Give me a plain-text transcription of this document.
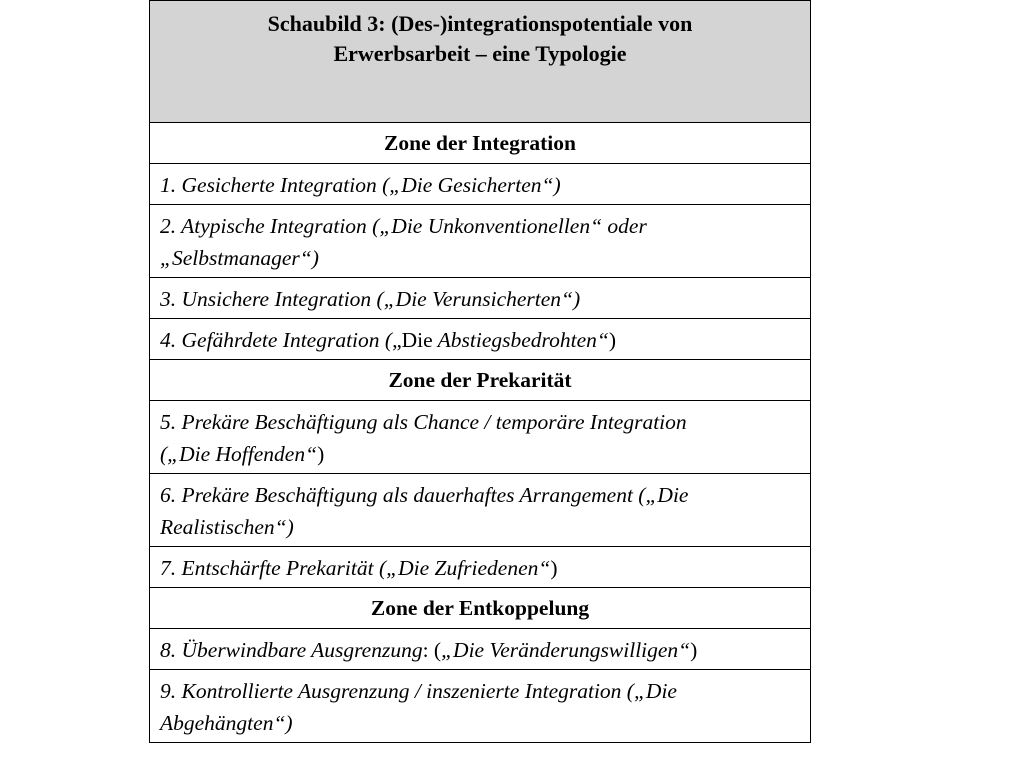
Schaubild 3: (Des-)integrationspotentiale von
Erwerbsarbeit – eine Typologie
Zone der Integration
1. Gesicherte Integration („Die Gesicherten“)
2. Atypische Integration („Die Unkonventionellen“ oder
„Selbstmanager“)
3. Unsichere Integration („Die Verunsicherten“)
4. Gefährdete Integration („Die Abstiegsbedrohten“)
Zone der Prekarität
5. Prekäre Beschäftigung als Chance / temporäre Integration
(„Die Hoffenden“)
6. Prekäre Beschäftigung als dauerhaftes Arrangement („Die
Realistischen“)
7. Entschärfte Prekarität („Die Zufriedenen“)
Zone der Entkoppelung
8. Überwindbare Ausgrenzung: („Die Veränderungswilligen“)
9. Kontrollierte Ausgrenzung / inszenierte Integration („Die
Abgehängten“)
